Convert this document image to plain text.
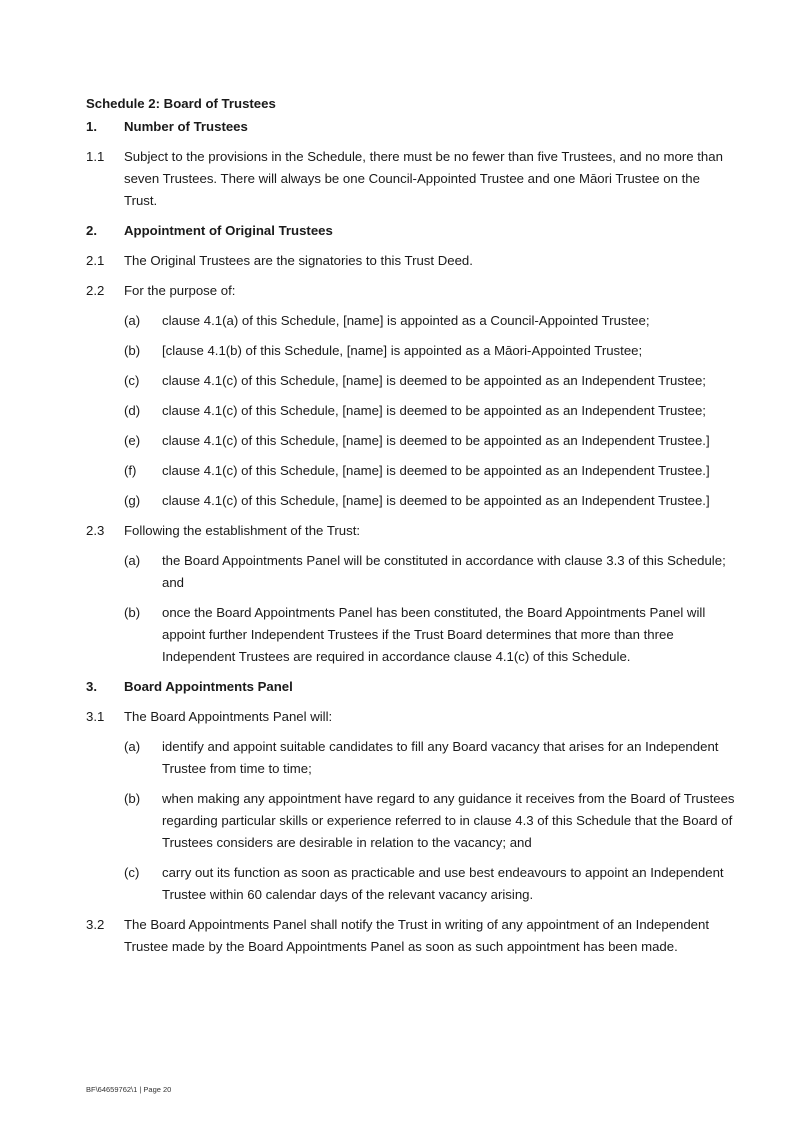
Schedule 2: Board of Trustees
1.	Number of Trustees
1.1	Subject to the provisions in the Schedule, there must be no fewer than five Trustees, and no more than seven Trustees. There will always be one Council-Appointed Trustee and one Māori Trustee on the Trust.
2.	Appointment of Original Trustees
2.1	The Original Trustees are the signatories to this Trust Deed.
2.2	For the purpose of:
(a)	clause 4.1(a) of this Schedule, [name] is appointed as a Council-Appointed Trustee;
(b)	[clause 4.1(b) of this Schedule, [name] is appointed as a Māori-Appointed Trustee;
(c)	clause 4.1(c) of this Schedule, [name] is deemed to be appointed as an Independent Trustee;
(d)	clause 4.1(c) of this Schedule, [name] is deemed to be appointed as an Independent Trustee;
(e)	clause 4.1(c) of this Schedule, [name] is deemed to be appointed as an Independent Trustee.]
(f)	clause 4.1(c) of this Schedule, [name] is deemed to be appointed as an Independent Trustee.]
(g)	clause 4.1(c) of this Schedule, [name] is deemed to be appointed as an Independent Trustee.]
2.3	Following the establishment of the Trust:
(a)	the Board Appointments Panel will be constituted in accordance with clause 3.3 of this Schedule; and
(b)	once the Board Appointments Panel has been constituted, the Board Appointments Panel will appoint further Independent Trustees if the Trust Board determines that more than three Independent Trustees are required in accordance clause 4.1(c) of this Schedule.
3.	Board Appointments Panel
3.1	The Board Appointments Panel will:
(a)	identify and appoint suitable candidates to fill any Board vacancy that arises for an Independent Trustee from time to time;
(b)	when making any appointment have regard to any guidance it receives from the Board of Trustees regarding particular skills or experience referred to in clause 4.3 of this Schedule that the Board of Trustees considers are desirable in relation to the vacancy; and
(c)	carry out its function as soon as practicable and use best endeavours to appoint an Independent Trustee within 60 calendar days of the relevant vacancy arising.
3.2	The Board Appointments Panel shall notify the Trust in writing of any appointment of an Independent Trustee made by the Board Appointments Panel as soon as such appointment has been made.
BF\64659762\1 | Page 20
